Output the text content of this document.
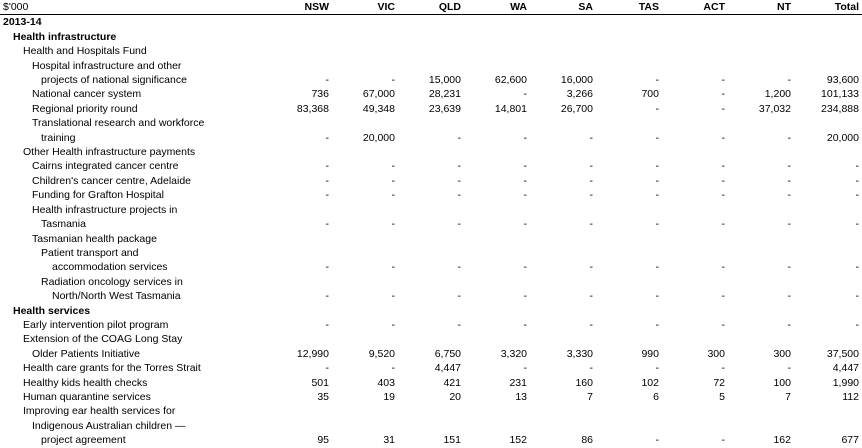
$'000	NSW	VIC	QLD	WA	SA	TAS	ACT	NT	Total
2013-14									
Health infrastructure									
Health and Hospitals Fund									
Hospital infrastructure and other									
projects of national significance	-	-	15,000	62,600	16,000	-	-	-	93,600
National cancer system	736	67,000	28,231	-	3,266	700	-	1,200	101,133
Regional priority round	83,368	49,348	23,639	14,801	26,700	-	-	37,032	234,888
Translational research and workforce									
training	-	20,000	-	-	-	-	-	-	20,000
Other Health infrastructure payments									
Cairns integrated cancer centre	-	-	-	-	-	-	-	-	-
Children's cancer centre, Adelaide	-	-	-	-	-	-	-	-	-
Funding for Grafton Hospital	-	-	-	-	-	-	-	-	-
Health infrastructure projects in									
Tasmania	-	-	-	-	-	-	-	-	-
Tasmanian health package									
Patient transport and									
accommodation services	-	-	-	-	-	-	-	-	-
Radiation oncology services in									
North/North West Tasmania	-	-	-	-	-	-	-	-	-
Health services									
Early intervention pilot program	-	-	-	-	-	-	-	-	-
Extension of the COAG Long Stay									
Older Patients Initiative	12,990	9,520	6,750	3,320	3,330	990	300	300	37,500
Health care grants for the Torres Strait	-	-	4,447	-	-	-	-	-	4,447
Healthy kids health checks	501	403	421	231	160	102	72	100	1,990
Human quarantine services	35	19	20	13	7	6	5	7	112
Improving ear health services for									
Indigenous Australian children —									
project agreement	95	31	151	152	86	-	-	162	677
